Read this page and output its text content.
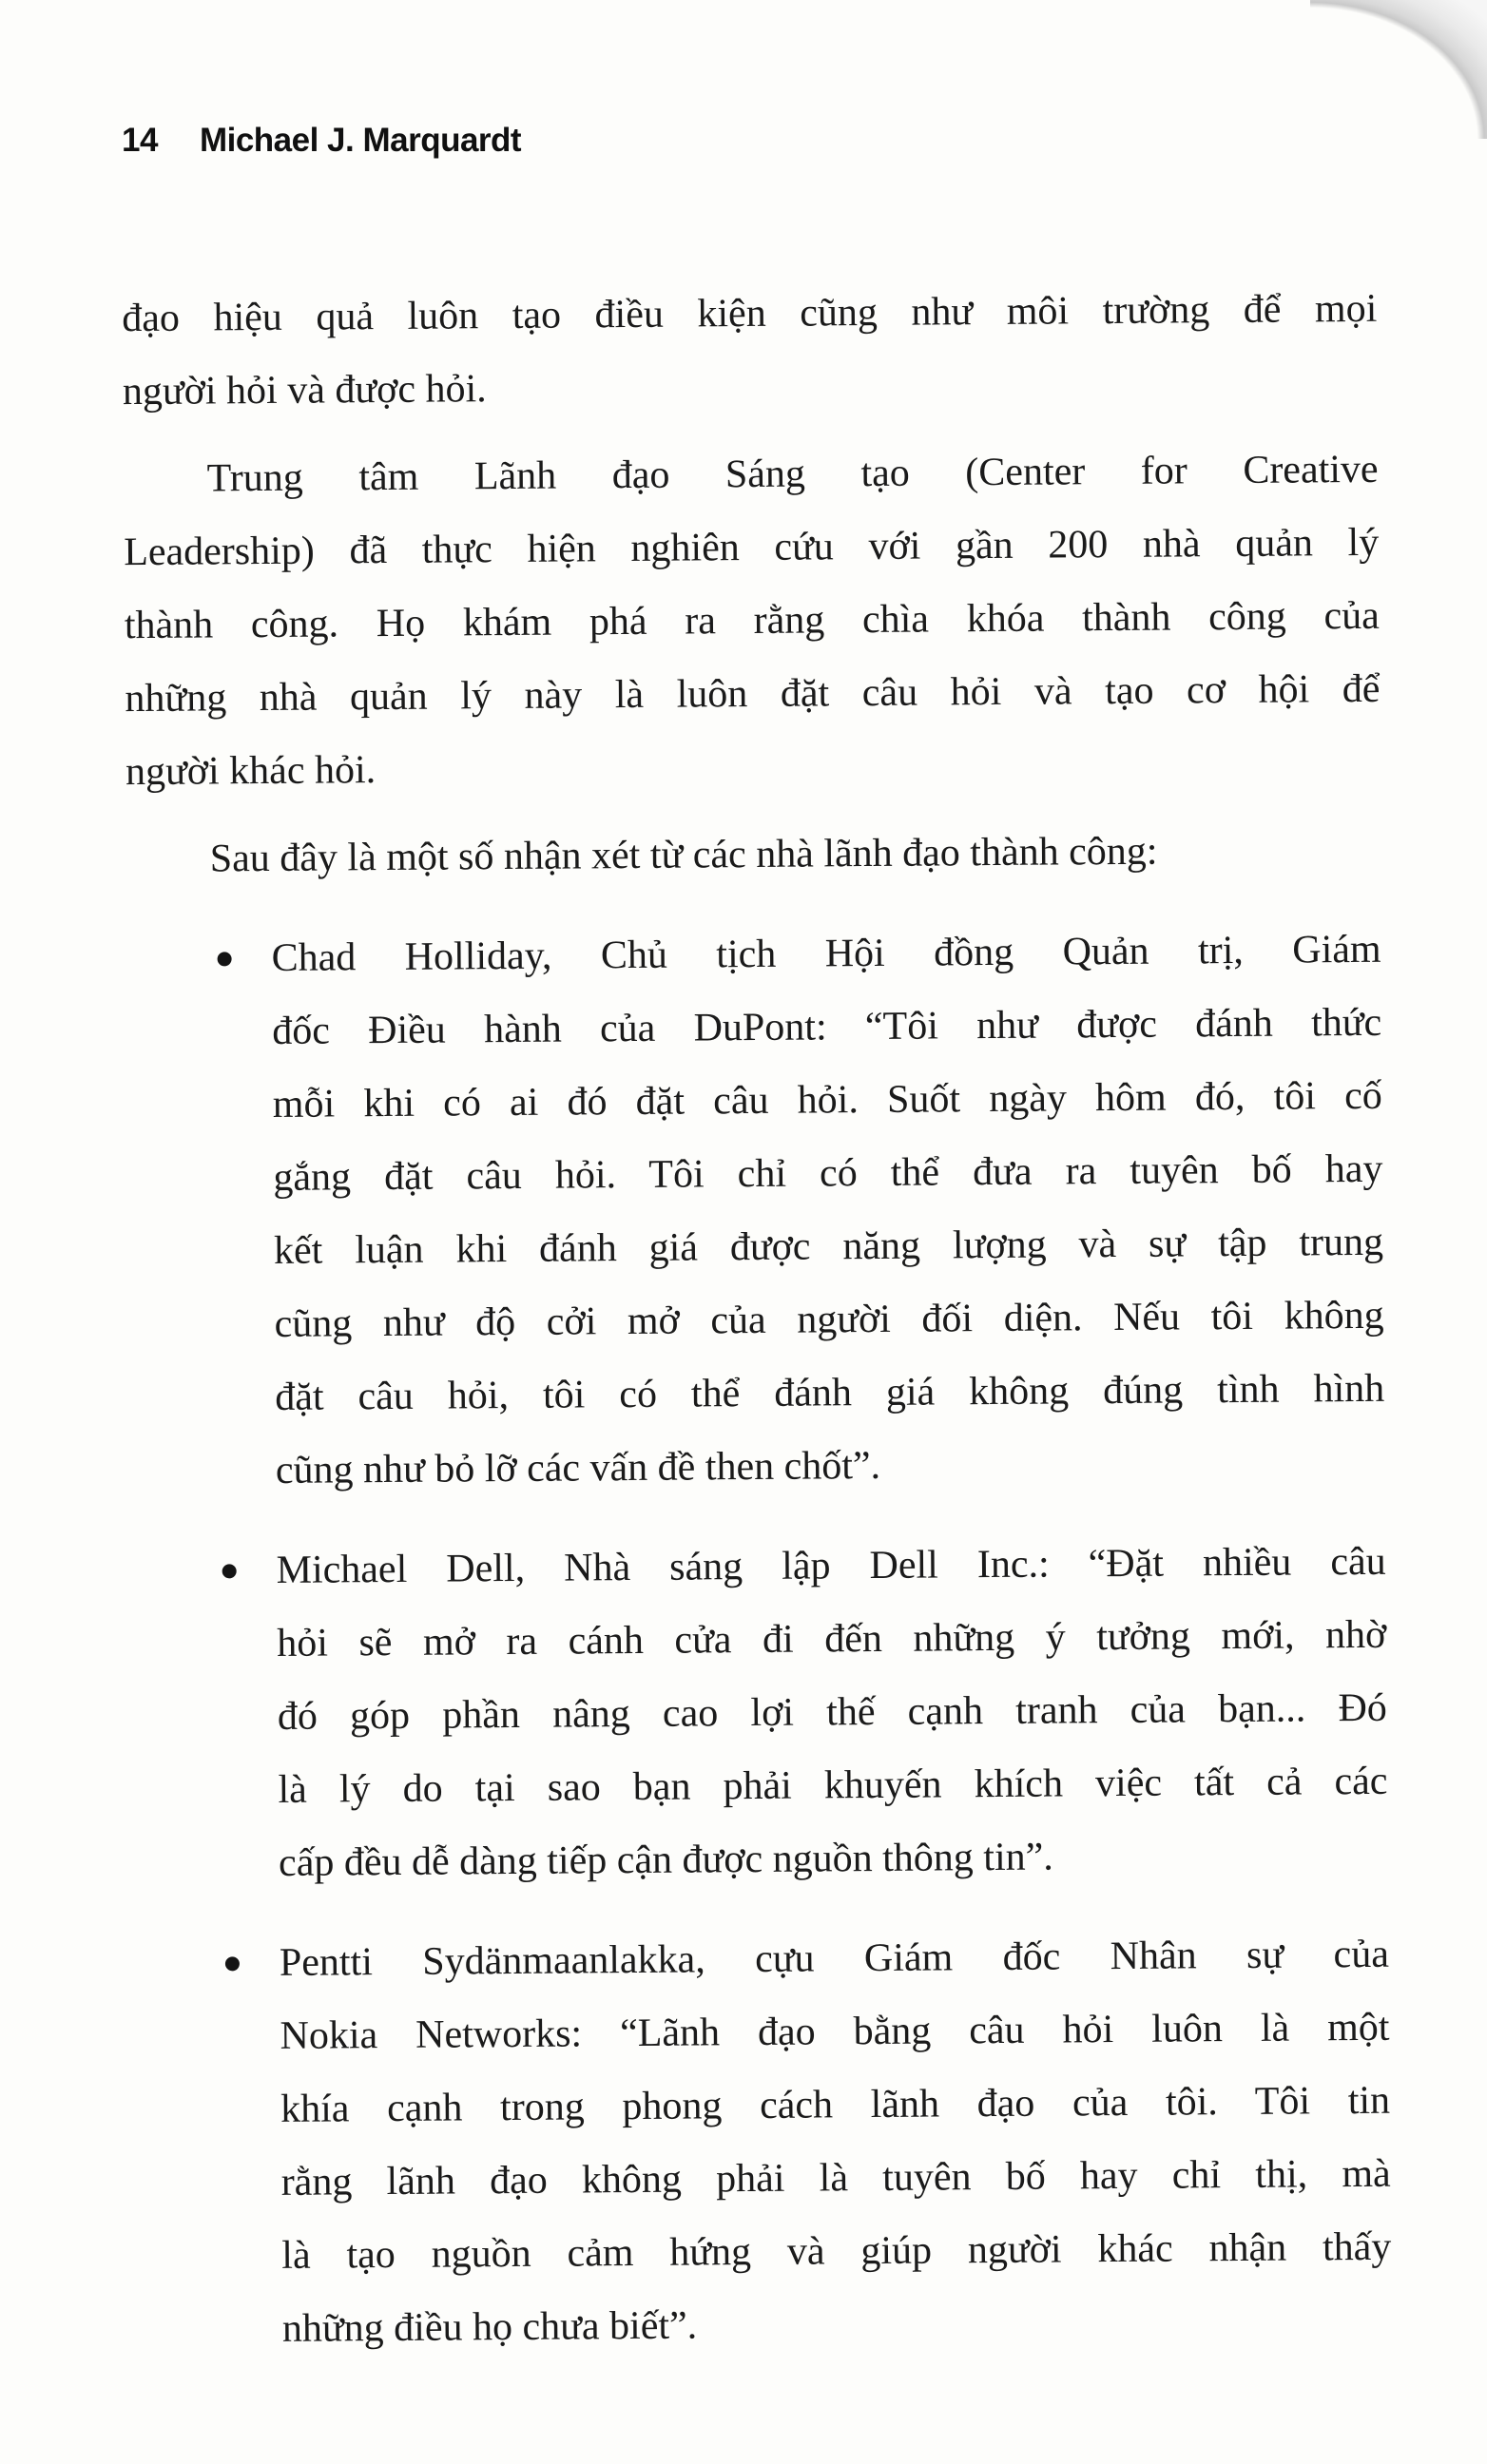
14 Michael J. Marquardt

đạo hiệu quả luôn tạo điều kiện cũng như môi trường để mọi
người hỏi và được hỏi.

Trung tâm Lãnh đạo Sáng tạo (Center for Creative
Leadership) đã thực hiện nghiên cứu với gần 200 nhà quản lý
thành công. Họ khám phá ra rằng chìa khóa thành công của
những nhà quản lý này là luôn đặt câu hỏi và tạo cơ hội để
người khác hỏi.

Sau đây là một số nhận xét từ các nhà lãnh đạo thành công:

Chad Holliday, Chủ tịch Hội đồng Quản trị, Giám
đốc Điều hành của DuPont: “Tôi như được đánh thức
mỗi khi có ai đó đặt câu hỏi. Suốt ngày hôm đó, tôi cố
gắng đặt câu hỏi. Tôi chỉ có thể đưa ra tuyên bố hay
kết luận khi đánh giá được năng lượng và sự tập trung
cũng như độ cởi mở của người đối diện. Nếu tôi không
đặt câu hỏi, tôi có thể đánh giá không đúng tình hình
cũng như bỏ lỡ các vấn đề then chốt”.
Michael Dell, Nhà sáng lập Dell Inc.: “Đặt nhiều câu
hỏi sẽ mở ra cánh cửa đi đến những ý tưởng mới, nhờ
đó góp phần nâng cao lợi thế cạnh tranh của bạn... Đó
là lý do tại sao bạn phải khuyến khích việc tất cả các
cấp đều dễ dàng tiếp cận được nguồn thông tin”.
Pentti Sydänmaanlakka, cựu Giám đốc Nhân sự của
Nokia Networks: “Lãnh đạo bằng câu hỏi luôn là một
khía cạnh trong phong cách lãnh đạo của tôi. Tôi tin
rằng lãnh đạo không phải là tuyên bố hay chỉ thị, mà
là tạo nguồn cảm hứng và giúp người khác nhận thấy
những điều họ chưa biết”.
